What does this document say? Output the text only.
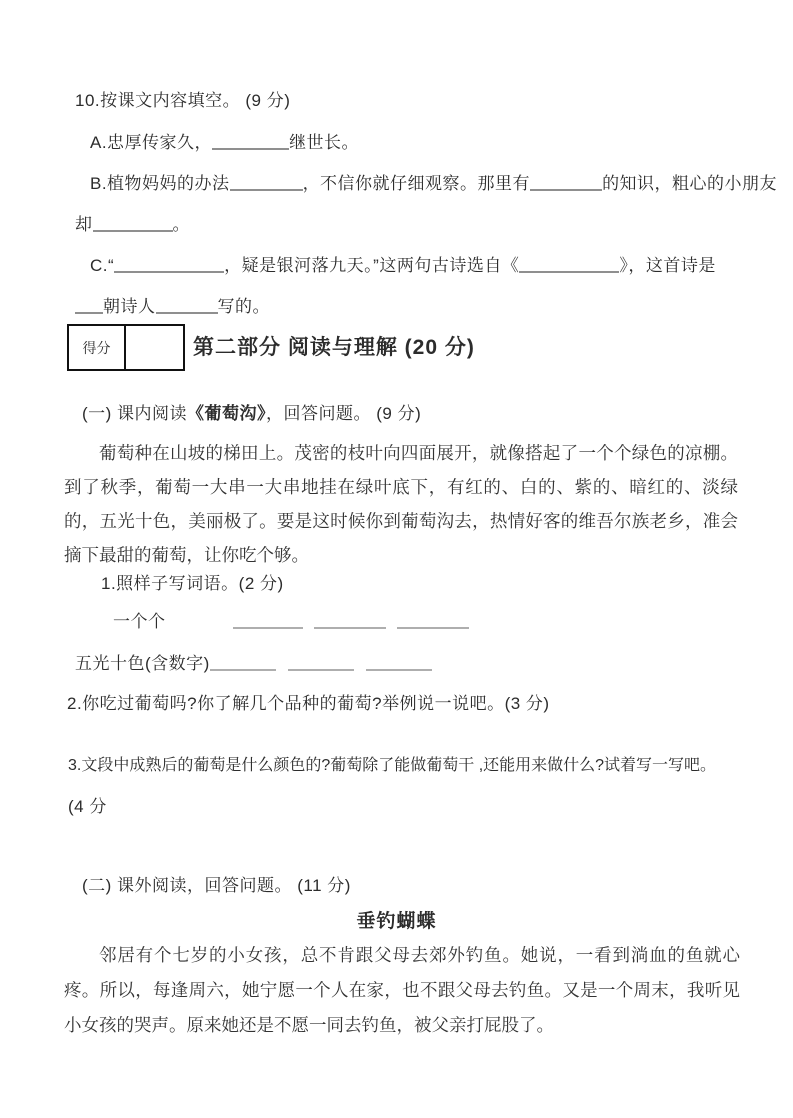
10.按课文内容填空。 (9 分)
A.忠厚传家久，	继世长。
B.植物妈妈的办法	，不信你就仔细观察。那里有	的知识，粗心的小朋友
却	。
C.“	，疑是银河落九天。”这两句古诗选自《	》，这首诗是
朝诗人	写的。
得分	第二部分 阅读与理解 (20 分)
(一) 课内阅读《葡萄沟》，回答问题。 (9 分)
葡萄种在山坡的梯田上。茂密的枝叶向四面展开，就像搭起了一个个绿色的凉棚。到了秋季，葡萄一大串一大串地挂在绿叶底下，有红的、白的、紫的、暗红的、淡绿的，五光十色，美丽极了。要是这时候你到葡萄沟去，热情好客的维吾尔族老乡，准会摘下最甜的葡萄，让你吃个够。
1.照样子写词语。(2 分)
一个个
五光十色(含数字)
2.你吃过葡萄吗?你了解几个品种的葡萄?举例说一说吧。(3 分)
3.文段中成熟后的葡萄是什么颜色的?葡萄除了能做葡萄干 ,还能用来做什么?试着写一写吧。
(4 分
(二) 课外阅读，回答问题。 (11 分)
垂钓蝴蝶
邻居有个七岁的小女孩，总不肯跟父母去郊外钓鱼。她说，一看到淌血的鱼就心疼。所以，每逢周六，她宁愿一个人在家，也不跟父母去钓鱼。又是一个周末，我听见小女孩的哭声。原来她还是不愿一同去钓鱼，被父亲打屁股了。
